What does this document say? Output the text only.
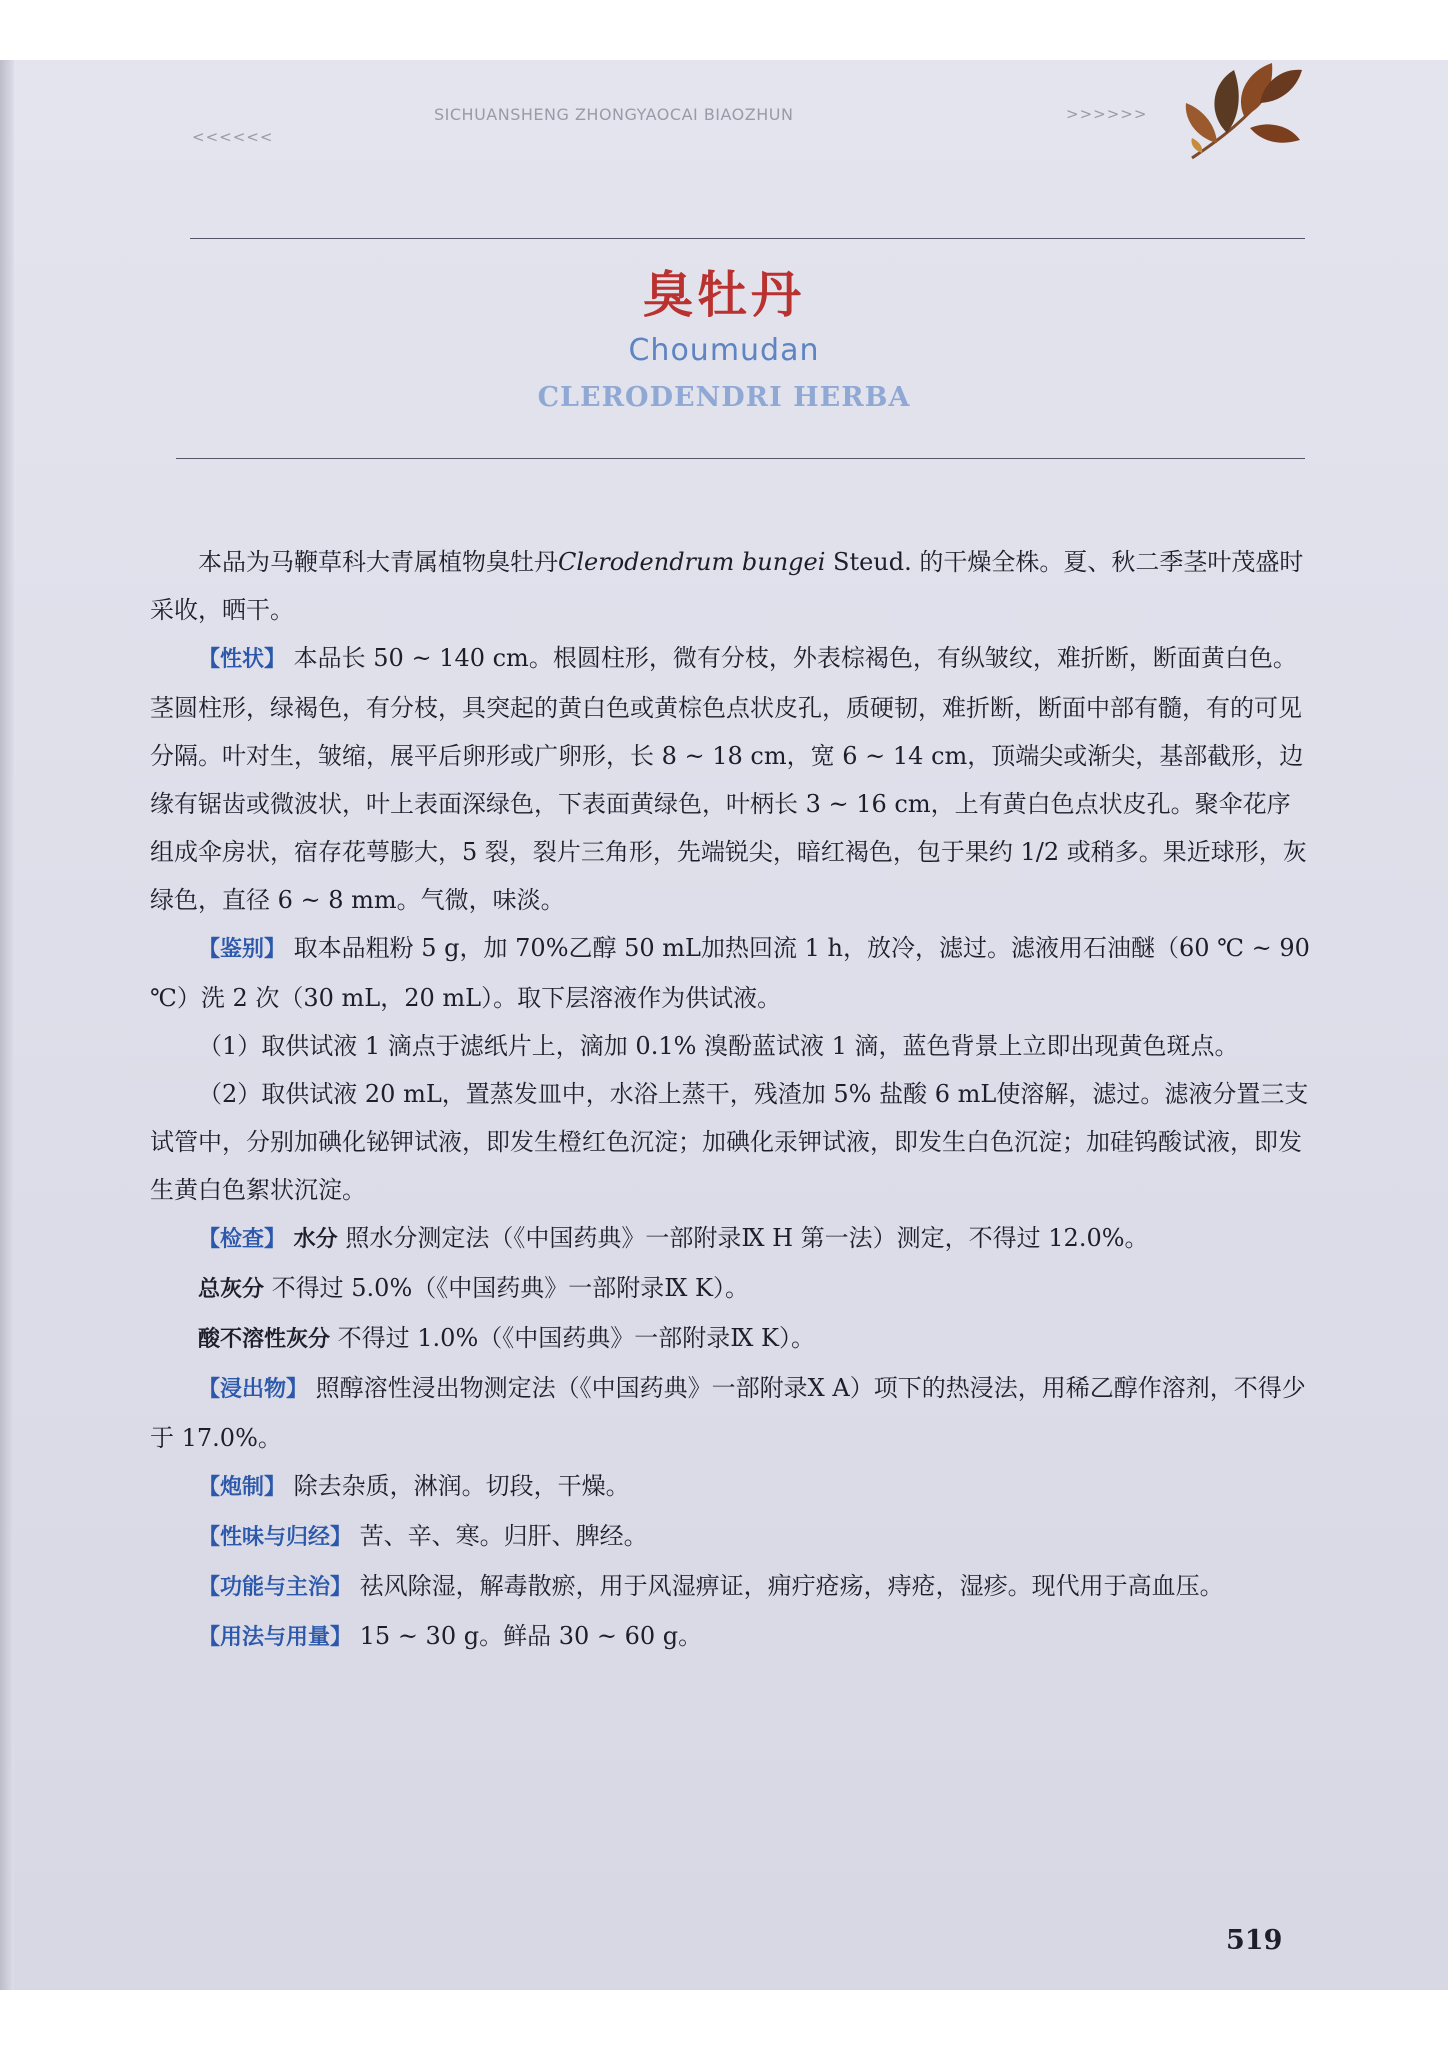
<<<<<<
SICHUANSHENG ZHONGYAOCAI BIAOZHUN	>>>>>>
臭牡丹
Choumudan
CLERODENDRI HERBA

本品为马鞭草科大青属植物臭牡丹Clerodendrum bungei Steud. 的干燥全株。夏、秋二季茎叶茂盛时采收，晒干。

【性状】 本品长 50 ~ 140 cm。根圆柱形，微有分枝，外表棕褐色，有纵皱纹，难折断，断面黄白色。茎圆柱形，绿褐色，有分枝，具突起的黄白色或黄棕色点状皮孔，质硬韧，难折断，断面中部有髓，有的可见分隔。叶对生，皱缩，展平后卵形或广卵形，长 8 ~ 18 cm，宽 6 ~ 14 cm，顶端尖或渐尖，基部截形，边缘有锯齿或微波状，叶上表面深绿色，下表面黄绿色，叶柄长 3 ~ 16 cm，上有黄白色点状皮孔。聚伞花序组成伞房状，宿存花萼膨大，5 裂，裂片三角形，先端锐尖，暗红褐色，包于果约 1/2 或稍多。果近球形，灰绿色，直径 6 ~ 8 mm。气微，味淡。

【鉴别】 取本品粗粉 5 g，加 70%乙醇 50 mL加热回流 1 h，放冷，滤过。滤液用石油醚（60 ℃ ~ 90 ℃）洗 2 次（30 mL，20 mL）。取下层溶液作为供试液。

（1）取供试液 1 滴点于滤纸片上，滴加 0.1% 溴酚蓝试液 1 滴，蓝色背景上立即出现黄色斑点。

（2）取供试液 20 mL，置蒸发皿中，水浴上蒸干，残渣加 5% 盐酸 6 mL使溶解，滤过。滤液分置三支试管中，分别加碘化铋钾试液，即发生橙红色沉淀；加碘化汞钾试液，即发生白色沉淀；加硅钨酸试液，即发生黄白色絮状沉淀。

【检查】 水分 照水分测定法（《中国药典》一部附录Ⅸ H 第一法）测定，不得过 12.0%。

总灰分 不得过 5.0%（《中国药典》一部附录Ⅸ K）。

酸不溶性灰分 不得过 1.0%（《中国药典》一部附录Ⅸ K）。

【浸出物】 照醇溶性浸出物测定法（《中国药典》一部附录Ⅹ A）项下的热浸法，用稀乙醇作溶剂，不得少于 17.0%。

【炮制】 除去杂质，淋润。切段，干燥。

【性味与归经】 苦、辛、寒。归肝、脾经。

【功能与主治】 祛风除湿，解毒散瘀，用于风湿痹证，痈疔疮疡，痔疮，湿疹。现代用于高血压。

【用法与用量】 15 ~ 30 g。鲜品 30 ~ 60 g。

519
